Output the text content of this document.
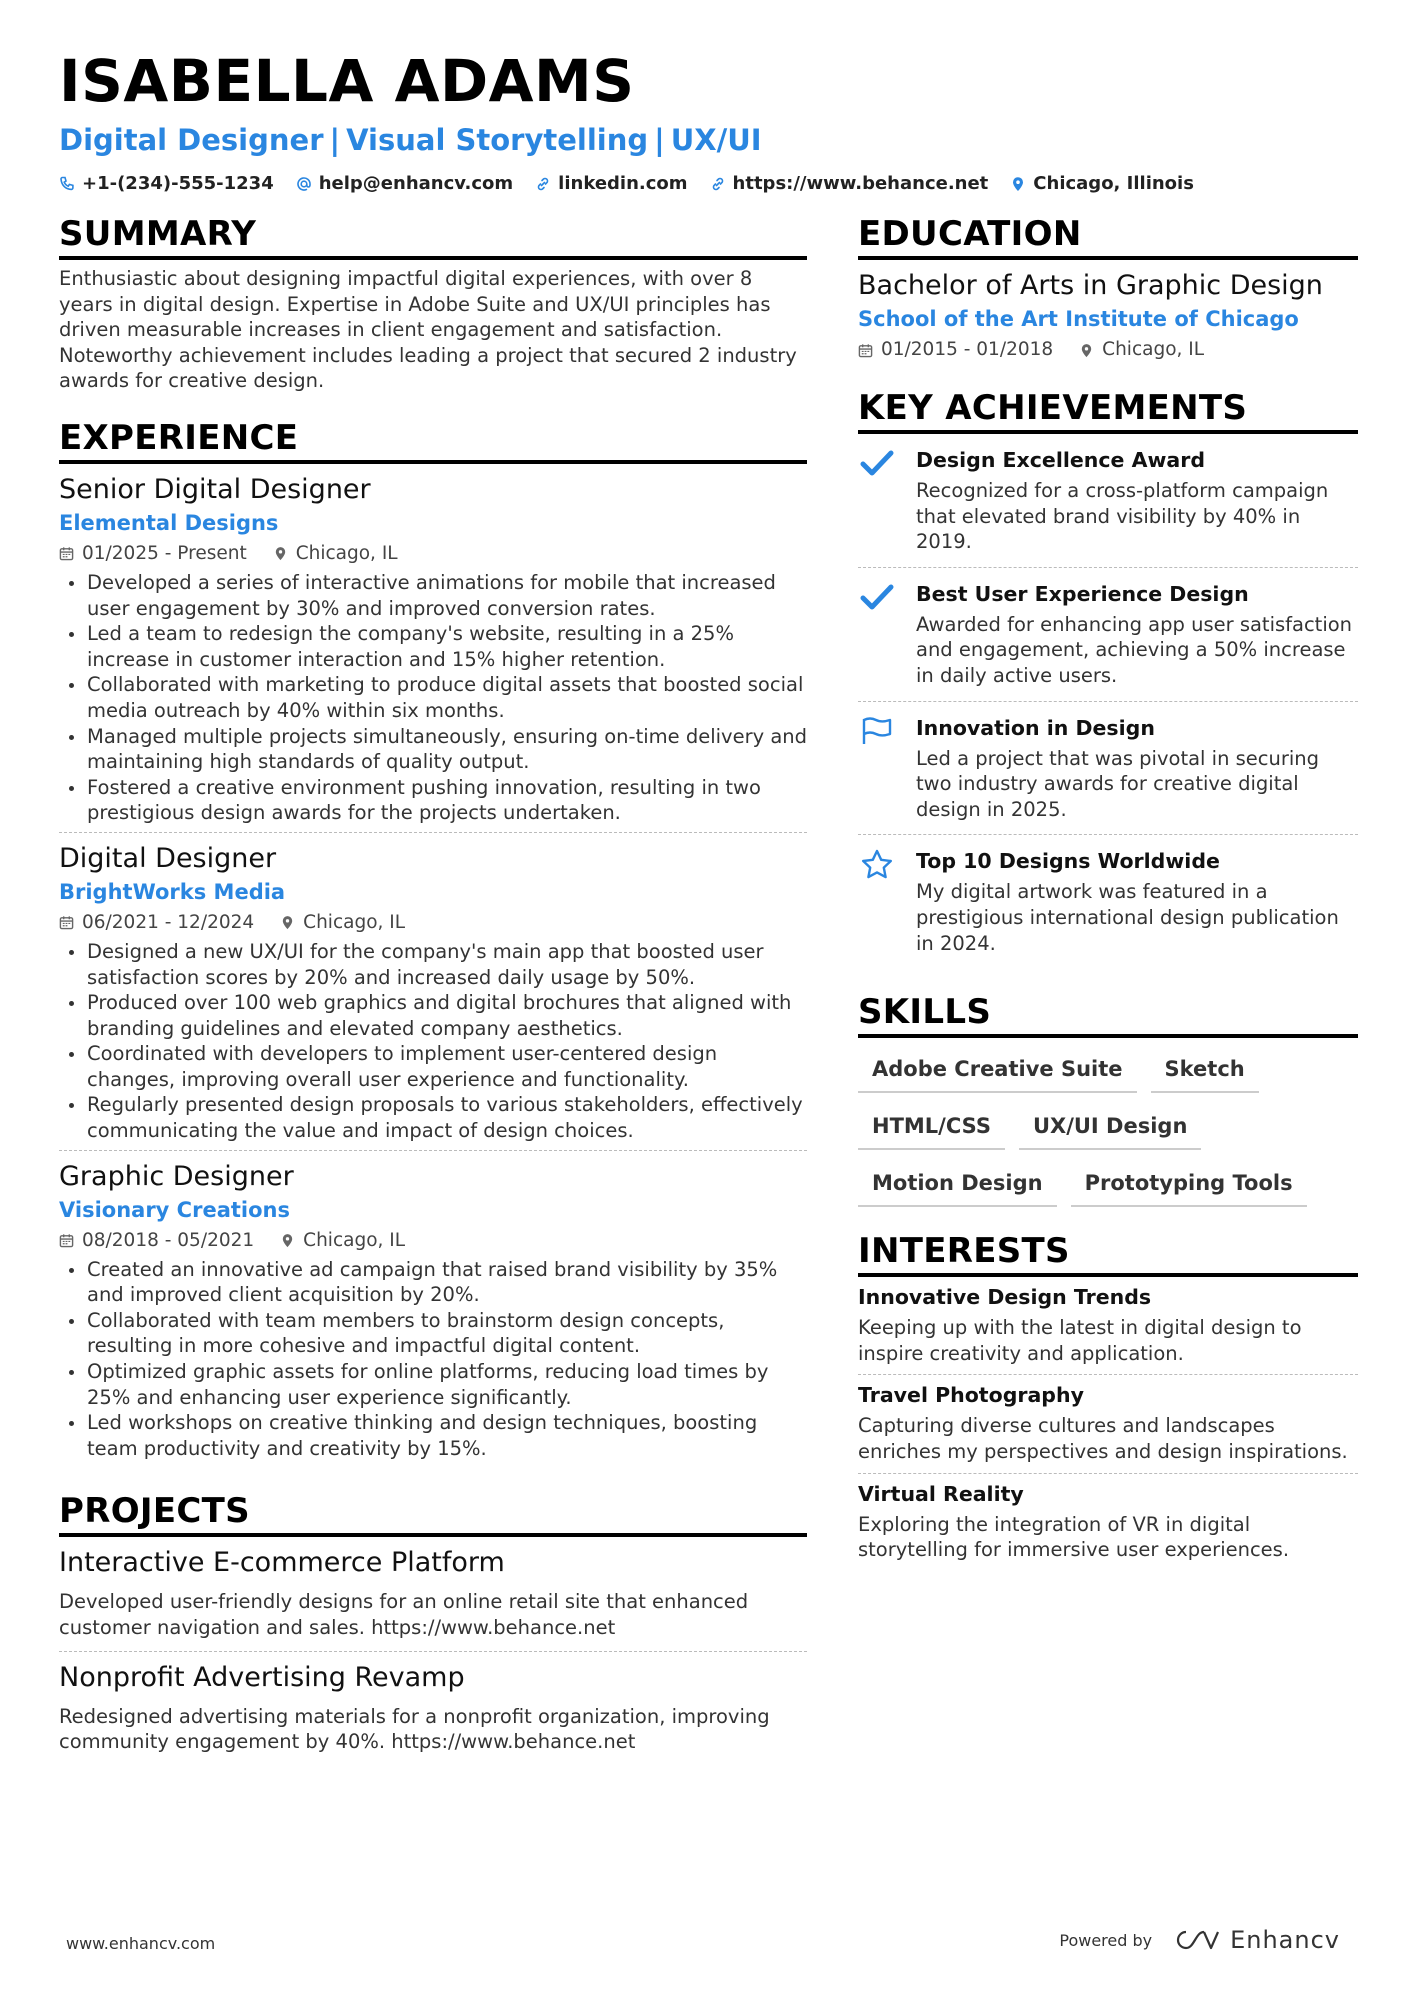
ISABELLA ADAMS
Digital Designer | Visual Storytelling | UX/UI
+1-(234)-555-1234	help@enhancv.com	linkedin.com	https://www.behance.net	Chicago, Illinois
SUMMARY
Enthusiastic about designing impactful digital experiences, with over 8 years in digital design. Expertise in Adobe Suite and UX/UI principles has driven measurable increases in client engagement and satisfaction. Noteworthy achievement includes leading a project that secured 2 industry awards for creative design.
EXPERIENCE
Senior Digital Designer
Elemental Designs
01/2025 - Present	Chicago, IL
Developed a series of interactive animations for mobile that increased user engagement by 30% and improved conversion rates.
Led a team to redesign the company's website, resulting in a 25% increase in customer interaction and 15% higher retention.
Collaborated with marketing to produce digital assets that boosted social media outreach by 40% within six months.
Managed multiple projects simultaneously, ensuring on-time delivery and maintaining high standards of quality output.
Fostered a creative environment pushing innovation, resulting in two prestigious design awards for the projects undertaken.
Digital Designer
BrightWorks Media
06/2021 - 12/2024	Chicago, IL
Designed a new UX/UI for the company's main app that boosted user satisfaction scores by 20% and increased daily usage by 50%.
Produced over 100 web graphics and digital brochures that aligned with branding guidelines and elevated company aesthetics.
Coordinated with developers to implement user-centered design changes, improving overall user experience and functionality.
Regularly presented design proposals to various stakeholders, effectively communicating the value and impact of design choices.
Graphic Designer
Visionary Creations
08/2018 - 05/2021	Chicago, IL
Created an innovative ad campaign that raised brand visibility by 35% and improved client acquisition by 20%.
Collaborated with team members to brainstorm design concepts, resulting in more cohesive and impactful digital content.
Optimized graphic assets for online platforms, reducing load times by 25% and enhancing user experience significantly.
Led workshops on creative thinking and design techniques, boosting team productivity and creativity by 15%.
PROJECTS
Interactive E-commerce Platform
Developed user-friendly designs for an online retail site that enhanced customer navigation and sales. https://www.behance.net
Nonprofit Advertising Revamp
Redesigned advertising materials for a nonprofit organization, improving community engagement by 40%. https://www.behance.net
EDUCATION
Bachelor of Arts in Graphic Design
School of the Art Institute of Chicago
01/2015 - 01/2018	Chicago, IL
KEY ACHIEVEMENTS
Design Excellence Award
Recognized for a cross-platform campaign that elevated brand visibility by 40% in 2019.
Best User Experience Design
Awarded for enhancing app user satisfaction and engagement, achieving a 50% increase in daily active users.
Innovation in Design
Led a project that was pivotal in securing two industry awards for creative digital design in 2025.
Top 10 Designs Worldwide
My digital artwork was featured in a prestigious international design publication in 2024.
SKILLS
Adobe Creative Suite	Sketch
HTML/CSS	UX/UI Design
Motion Design	Prototyping Tools
INTERESTS
Innovative Design Trends
Keeping up with the latest in digital design to inspire creativity and application.
Travel Photography
Capturing diverse cultures and landscapes enriches my perspectives and design inspirations.
Virtual Reality
Exploring the integration of VR in digital storytelling for immersive user experiences.
www.enhancv.com	Powered by	Enhancv
